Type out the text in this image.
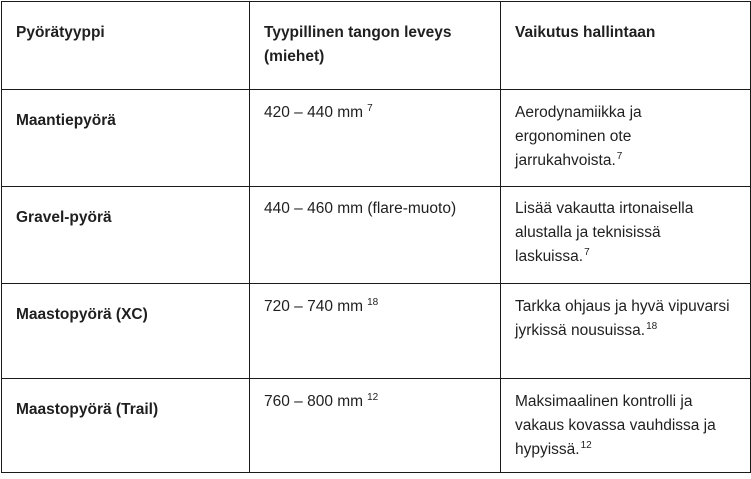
Pyörätyyppi	Tyypillinen tangon leveys (miehet)	Vaikutus hallintaan
Maantiepyörä	420 – 440 mm $^7$	Aerodynamiikka ja ergonominen ote jarrukahvoista.$^7$
Gravel-pyörä	440 – 460 mm (flare-muoto)	Lisää vakautta irtonaisella alustalla ja teknisissä laskuissa.$^7$
Maastopyörä (XC)	720 – 740 mm $^{18}$	Tarkka ohjaus ja hyvä vipuvarsi jyrkissä nousuissa.$^{18}$
Maastopyörä (Trail)	760 – 800 mm $^{12}$	Maksimaalinen kontrolli ja vakaus kovassa vauhdissa ja hypyissä.$^{12}$
